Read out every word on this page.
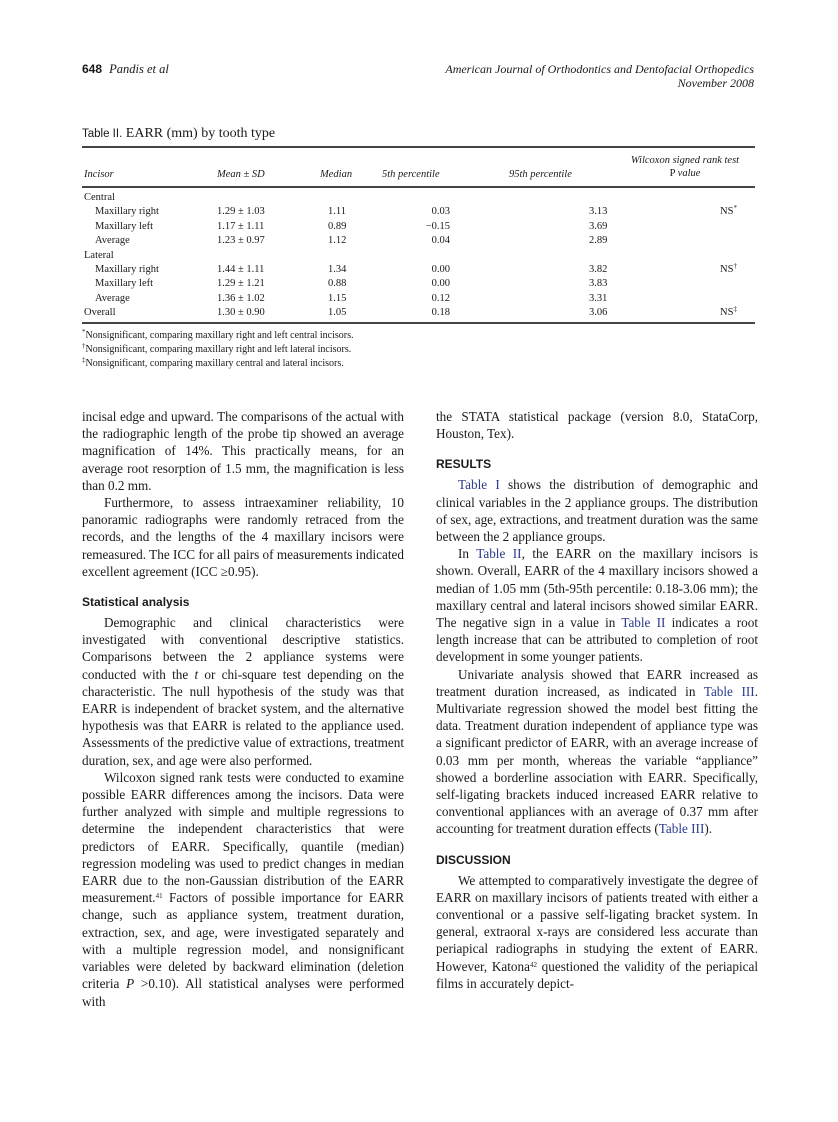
648 Pandis et al	American Journal of Orthodontics and Dentofacial Orthopedics
November 2008
Table II. EARR (mm) by tooth type
Incisor	Mean ± SD	Median	5th percentile	95th percentile
Wilcoxon signed rank test
P value
Central
Maxillary right	1.29 ± 1.03	1.11	0.03	3.13	NS*
Maxillary left	1.17 ± 1.11	0.89	−0.15	3.69
Average	1.23 ± 0.97	1.12	0.04	2.89
Lateral
Maxillary right	1.44 ± 1.11	1.34	0.00	3.82	NS†
Maxillary left	1.29 ± 1.21	0.88	0.00	3.83
Average	1.36 ± 1.02	1.15	0.12	3.31
Overall	1.30 ± 0.90	1.05	0.18	3.06	NS‡
*Nonsignificant, comparing maxillary right and left central incisors.
†Nonsignificant, comparing maxillary right and left lateral incisors.
‡Nonsignificant, comparing maxillary central and lateral incisors.

incisal edge and upward. The comparisons of the actual with the radiographic length of the probe tip showed an average magnification of 14%. This practically means, for an average root resorption of 1.5 mm, the magnification is less than 0.2 mm.

Furthermore, to assess intraexaminer reliability, 10 panoramic radiographs were randomly retraced from the records, and the lengths of the 4 maxillary incisors were remeasured. The ICC for all pairs of measurements indicated excellent agreement (ICC ≥0.95).

Statistical analysis

Demographic and clinical characteristics were investigated with conventional descriptive statistics. Comparisons between the 2 appliance systems were conducted with the t or chi-square test depending on the characteristic. The null hypothesis of the study was that EARR is independent of bracket system, and the alternative hypothesis was that EARR is related to the appliance used. Assessments of the predictive value of extractions, treatment duration, sex, and age were also performed.

Wilcoxon signed rank tests were conducted to examine possible EARR differences among the incisors. Data were further analyzed with simple and multiple regressions to determine the independent characteristics that were predictors of EARR. Specifically, quantile (median) regression modeling was used to predict changes in median EARR due to the non-Gaussian distribution of the EARR measurement.$^{41}$ Factors of possible importance for EARR change, such as appliance system, treatment duration, extraction, sex, and age, were investigated separately and with a multiple regression model, and nonsignificant variables were deleted by backward elimination (deletion criteria P >0.10). All statistical analyses were performed with

the STATA statistical package (version 8.0, StataCorp, Houston, Tex).

RESULTS

Table I shows the distribution of demographic and clinical variables in the 2 appliance groups. The distribution of sex, age, extractions, and treatment duration was the same between the 2 appliance groups.

In Table II, the EARR on the maxillary incisors is shown. Overall, EARR of the 4 maxillary incisors showed a median of 1.05 mm (5th-95th percentile: 0.18-3.06 mm); the maxillary central and lateral incisors showed similar EARR. The negative sign in a value in Table II indicates a root length increase that can be attributed to completion of root development in some younger patients.

Univariate analysis showed that EARR increased as treatment duration increased, as indicated in Table III. Multivariate regression showed the model best fitting the data. Treatment duration independent of appliance type was a significant predictor of EARR, with an average increase of 0.03 mm per month, whereas the variable “appliance” showed a borderline association with EARR. Specifically, self-ligating brackets induced increased EARR relative to conventional appliances with an average of 0.37 mm after accounting for treatment duration effects (Table III).

DISCUSSION

We attempted to comparatively investigate the degree of EARR on maxillary incisors of patients treated with either a conventional or a passive self-ligating bracket system. In general, extraoral x-rays are considered less accurate than periapical radiographs in studying the extent of EARR. However, Katona$^{42}$ questioned the validity of the periapical films in accurately depict-
